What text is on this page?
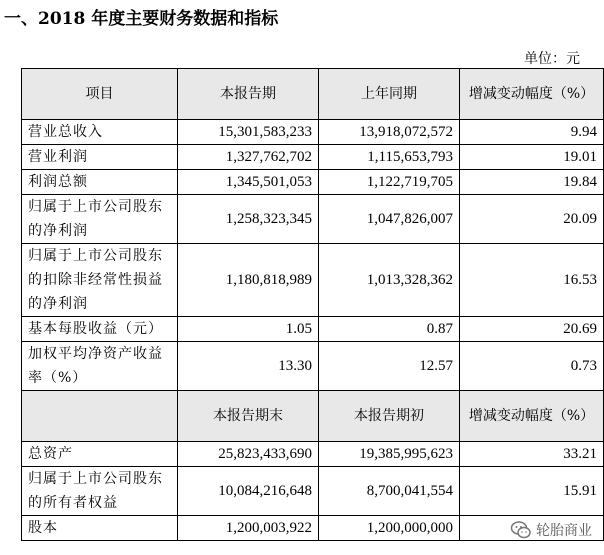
一、2018 年度主要财务数据和指标
单位：元
项目	本报告期	上年同期	增减变动幅度（%）
营业总收入	15,301,583,233	13,918,072,572	9.94
营业利润	1,327,762,702	1,115,653,793	19.01
利润总额	1,345,501,053	1,122,719,705	19.84
归属于上市公司股东的净利润	1,258,323,345	1,047,826,007	20.09
归属于上市公司股东的扣除非经常性损益的净利润	1,180,818,989	1,013,328,362	16.53
基本每股收益（元）	1.05	0.87	20.69
加权平均净资产收益率（%）	13.30	12.57	0.73
	本报告期末	本报告期初	增减变动幅度（%）
总资产	25,823,433,690	19,385,995,623	33.21
归属于上市公司股东的所有者权益	10,084,216,648	8,700,041,554	15.91
股本	1,200,003,922	1,200,000,000		轮胎商业
